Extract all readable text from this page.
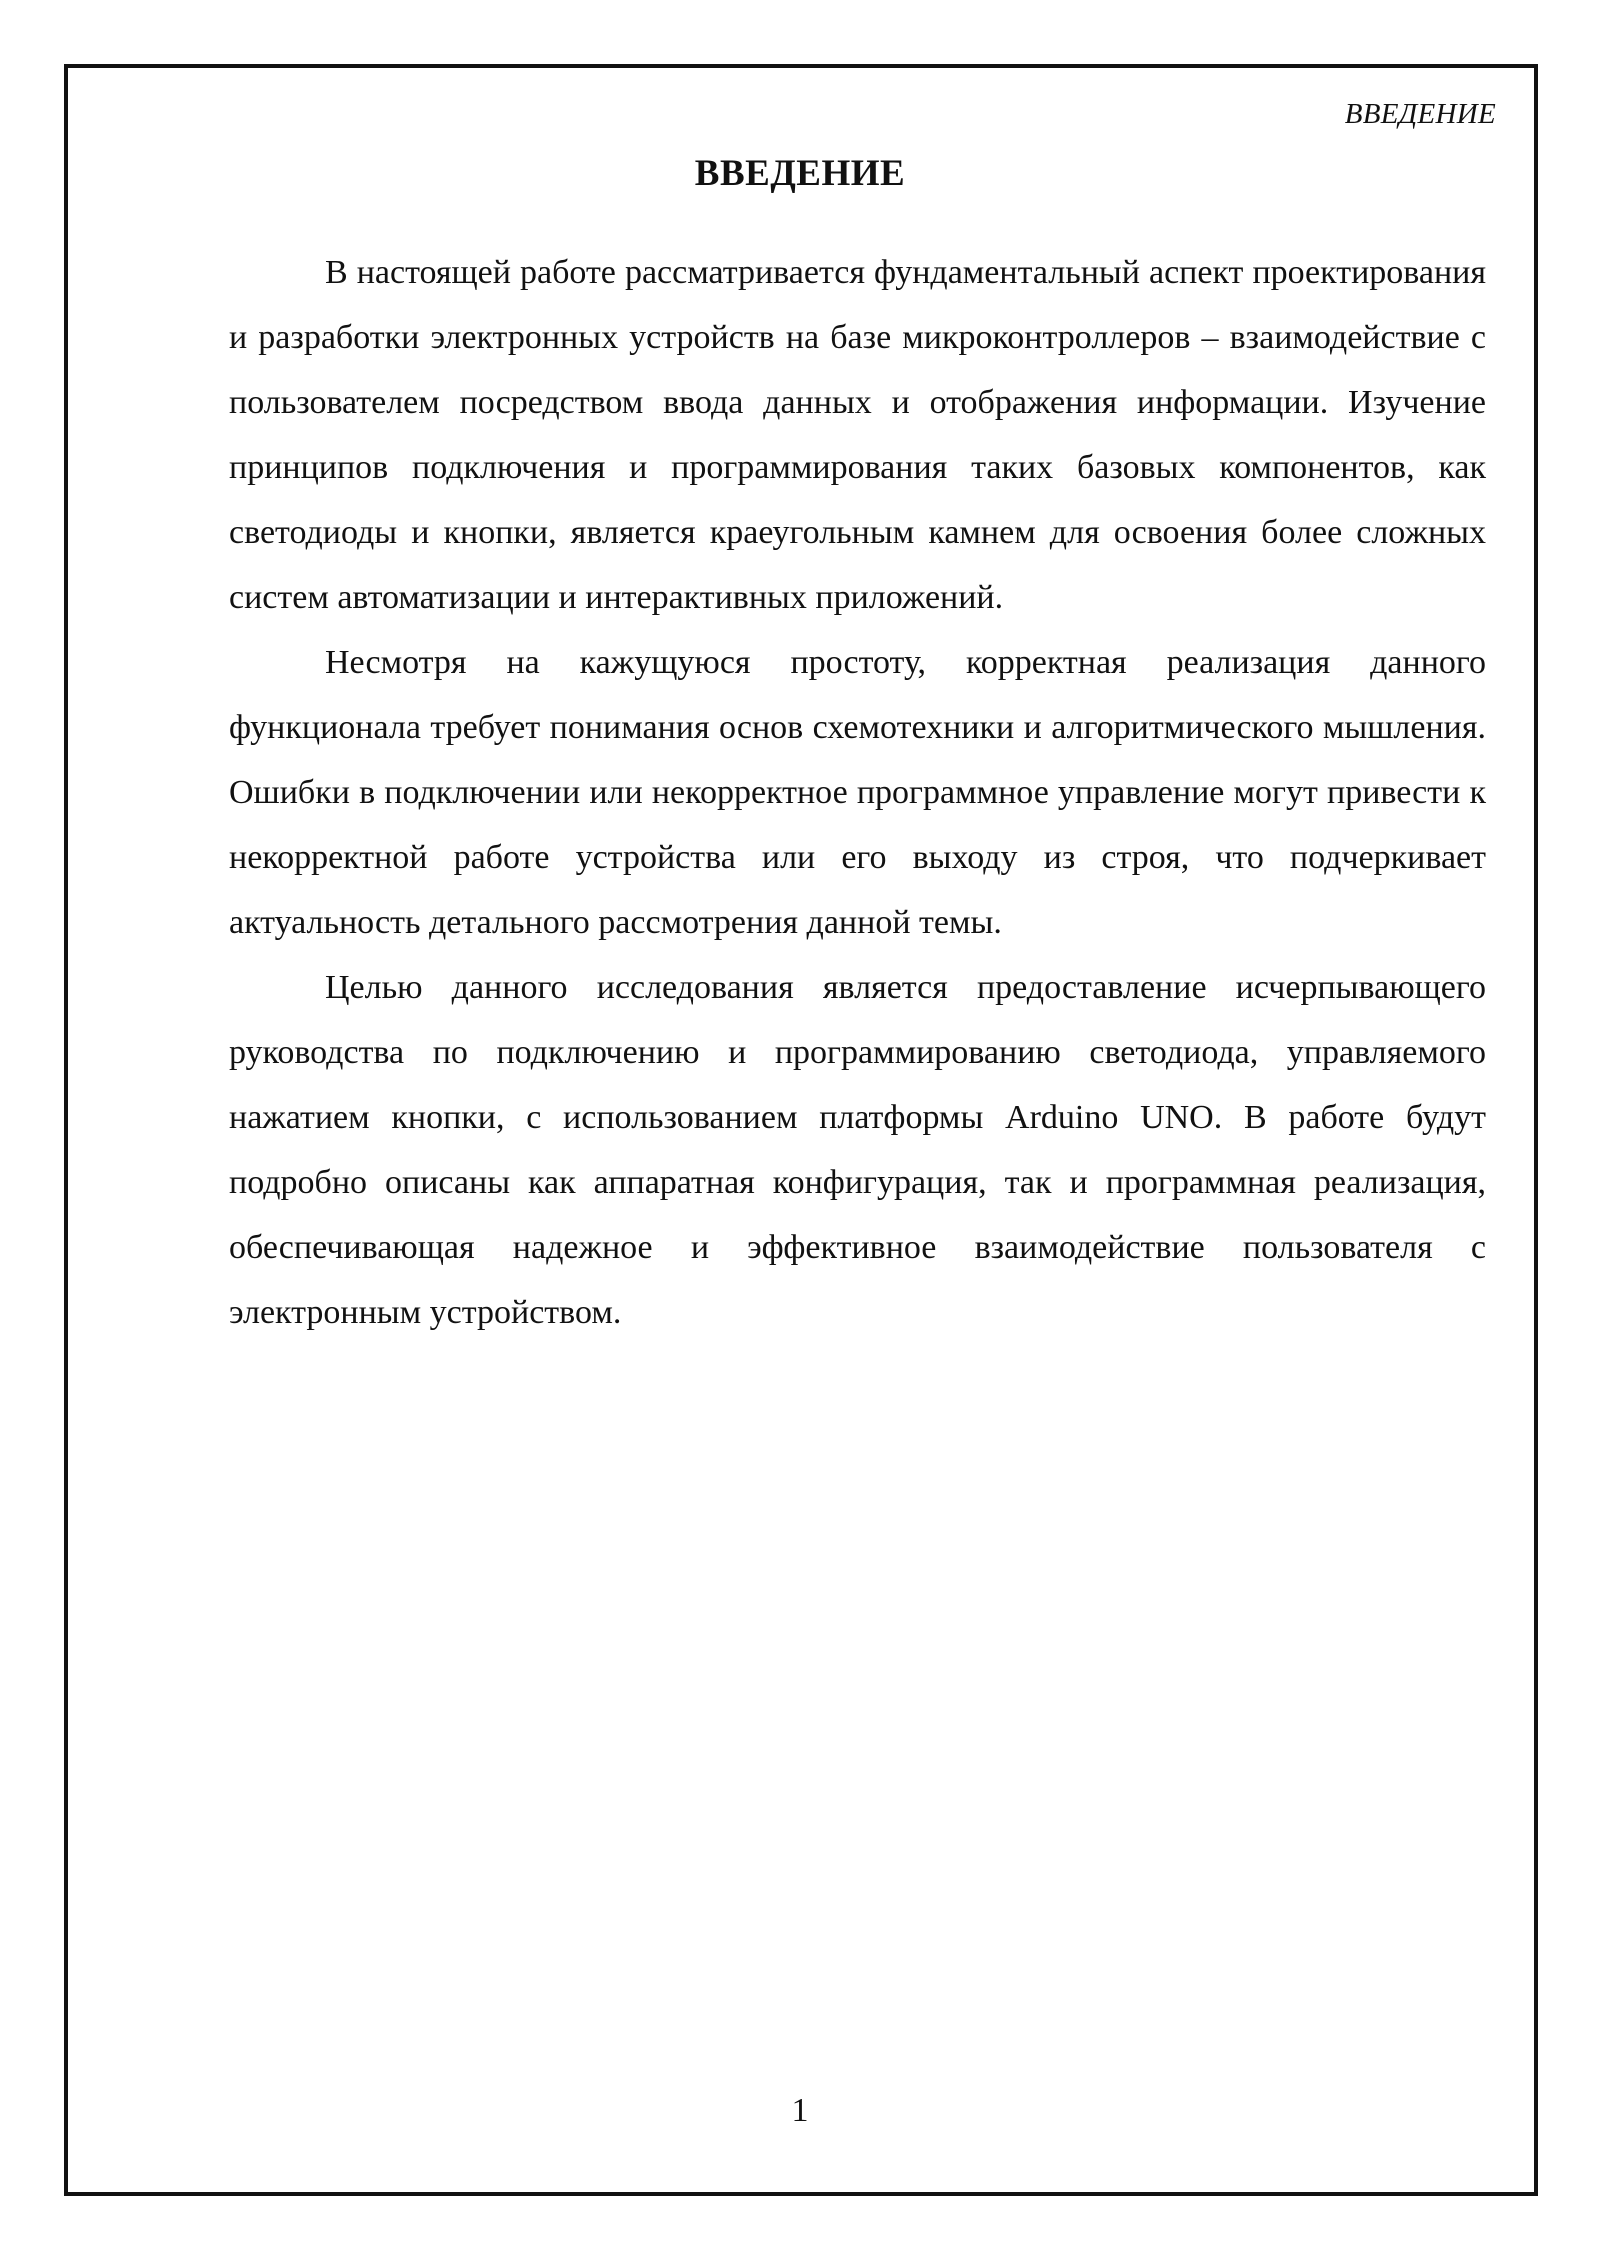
ВВЕДЕНИЕ
ВВЕДЕНИЕ

В настоящей работе рассматривается фундаментальный аспект проектирования и разработки электронных устройств на базе микроконтроллеров – взаимодействие с пользователем посредством ввода данных и отображения информации. Изучение принципов подключения и программирования таких базовых компонентов, как светодиоды и кнопки, является краеугольным камнем для освоения более сложных систем автоматизации и интерактивных приложений.

Несмотря на кажущуюся простоту, корректная реализация данного функционала требует понимания основ схемотехники и алгоритмического мышления. Ошибки в подключении или некорректное программное управление могут привести к некорректной работе устройства или его выходу из строя, что подчеркивает актуальность детального рассмотрения данной темы.

Целью данного исследования является предоставление исчерпывающего руководства по подключению и программированию светодиода, управляемого нажатием кнопки, с использованием платформы Arduino UNO. В работе будут подробно описаны как аппаратная конфигурация, так и программная реализация, обеспечивающая надежное и эффективное взаимодействие пользователя с электронным устройством.

1
